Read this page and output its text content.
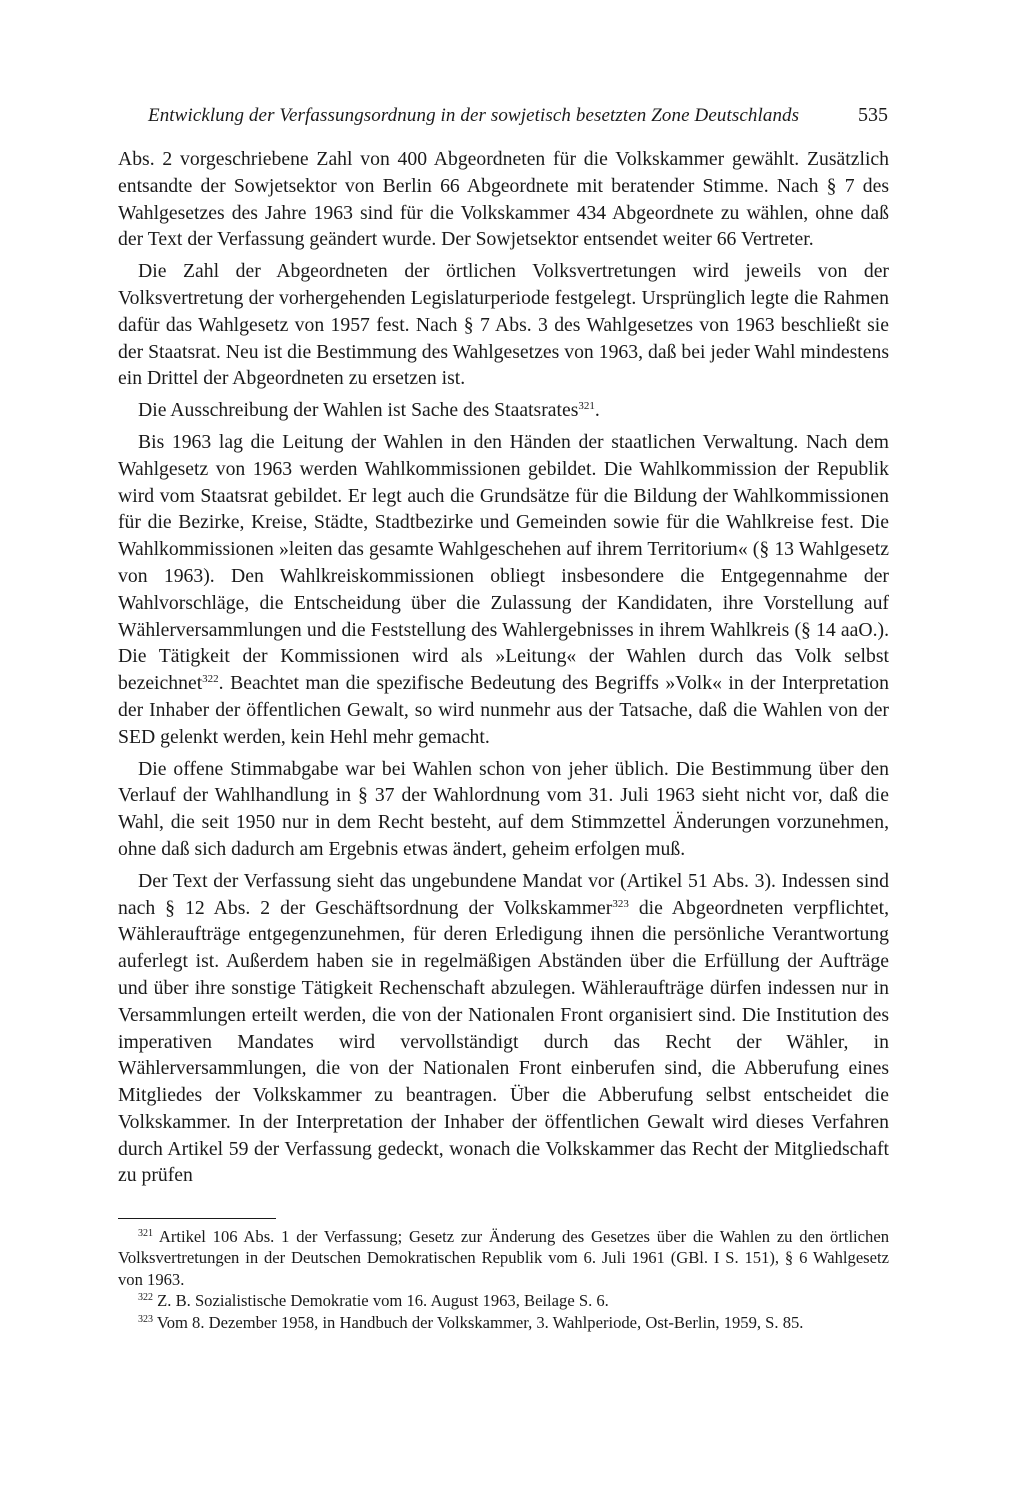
Entwicklung der Verfassungsordnung in der sowjetisch besetzten Zone Deutschlands	535

Abs. 2 vorgeschriebene Zahl von 400 Abgeordneten für die Volkskammer gewählt. Zusätzlich entsandte der Sowjetsektor von Berlin 66 Abgeordnete mit beratender Stimme. Nach § 7 des Wahlgesetzes des Jahre 1963 sind für die Volkskammer 434 Abgeordnete zu wählen, ohne daß der Text der Verfassung geändert wurde. Der Sowjetsektor entsendet weiter 66 Vertreter.

Die Zahl der Abgeordneten der örtlichen Volksvertretungen wird jeweils von der Volksvertretung der vorhergehenden Legislaturperiode festgelegt. Ursprünglich legte die Rahmen dafür das Wahlgesetz von 1957 fest. Nach § 7 Abs. 3 des Wahlgesetzes von 1963 beschließt sie der Staatsrat. Neu ist die Bestimmung des Wahlgesetzes von 1963, daß bei jeder Wahl mindestens ein Drittel der Abgeordneten zu ersetzen ist.

Die Ausschreibung der Wahlen ist Sache des Staatsrates$^{321}$.

Bis 1963 lag die Leitung der Wahlen in den Händen der staatlichen Verwaltung. Nach dem Wahlgesetz von 1963 werden Wahlkommissionen gebildet. Die Wahlkommission der Republik wird vom Staatsrat gebildet. Er legt auch die Grundsätze für die Bildung der Wahlkommissionen für die Bezirke, Kreise, Städte, Stadtbezirke und Gemeinden sowie für die Wahlkreise fest. Die Wahlkommissionen »leiten das gesamte Wahlgeschehen auf ihrem Territorium« (§ 13 Wahlgesetz von 1963). Den Wahlkreiskommissionen obliegt insbesondere die Entgegennahme der Wahlvorschläge, die Entscheidung über die Zulassung der Kandidaten, ihre Vorstellung auf Wählerversammlungen und die Feststellung des Wahlergebnisses in ihrem Wahlkreis (§ 14 aaO.). Die Tätigkeit der Kommissionen wird als »Leitung« der Wahlen durch das Volk selbst bezeichnet$^{322}$. Beachtet man die spezifische Bedeutung des Begriffs »Volk« in der Interpretation der Inhaber der öffentlichen Gewalt, so wird nunmehr aus der Tatsache, daß die Wahlen von der SED gelenkt werden, kein Hehl mehr gemacht.

Die offene Stimmabgabe war bei Wahlen schon von jeher üblich. Die Bestimmung über den Verlauf der Wahlhandlung in § 37 der Wahlordnung vom 31. Juli 1963 sieht nicht vor, daß die Wahl, die seit 1950 nur in dem Recht besteht, auf dem Stimmzettel Änderungen vorzunehmen, ohne daß sich dadurch am Ergebnis etwas ändert, geheim erfolgen muß.

Der Text der Verfassung sieht das ungebundene Mandat vor (Artikel 51 Abs. 3). Indessen sind nach § 12 Abs. 2 der Geschäftsordnung der Volkskammer$^{323}$ die Abgeordneten verpflichtet, Wähleraufträge entgegenzunehmen, für deren Erledigung ihnen die persönliche Verantwortung auferlegt ist. Außerdem haben sie in regelmäßigen Abständen über die Erfüllung der Aufträge und über ihre sonstige Tätigkeit Rechenschaft abzulegen. Wähleraufträge dürfen indessen nur in Versammlungen erteilt werden, die von der Nationalen Front organisiert sind. Die Institution des imperativen Mandates wird vervollständigt durch das Recht der Wähler, in Wählerversammlungen, die von der Nationalen Front einberufen sind, die Abberufung eines Mitgliedes der Volkskammer zu beantragen. Über die Abberufung selbst entscheidet die Volkskammer. In der Interpretation der Inhaber der öffentlichen Gewalt wird dieses Verfahren durch Artikel 59 der Verfassung gedeckt, wonach die Volkskammer das Recht der Mitgliedschaft zu prüfen

$^{321}$ Artikel 106 Abs. 1 der Verfassung; Gesetz zur Änderung des Gesetzes über die Wahlen zu den örtlichen Volksvertretungen in der Deutschen Demokratischen Republik vom 6. Juli 1961 (GBl. I S. 151), § 6 Wahlgesetz von 1963.

$^{322}$ Z. B. Sozialistische Demokratie vom 16. August 1963, Beilage S. 6.

$^{323}$ Vom 8. Dezember 1958, in Handbuch der Volkskammer, 3. Wahlperiode, Ost-Berlin, 1959, S. 85.
